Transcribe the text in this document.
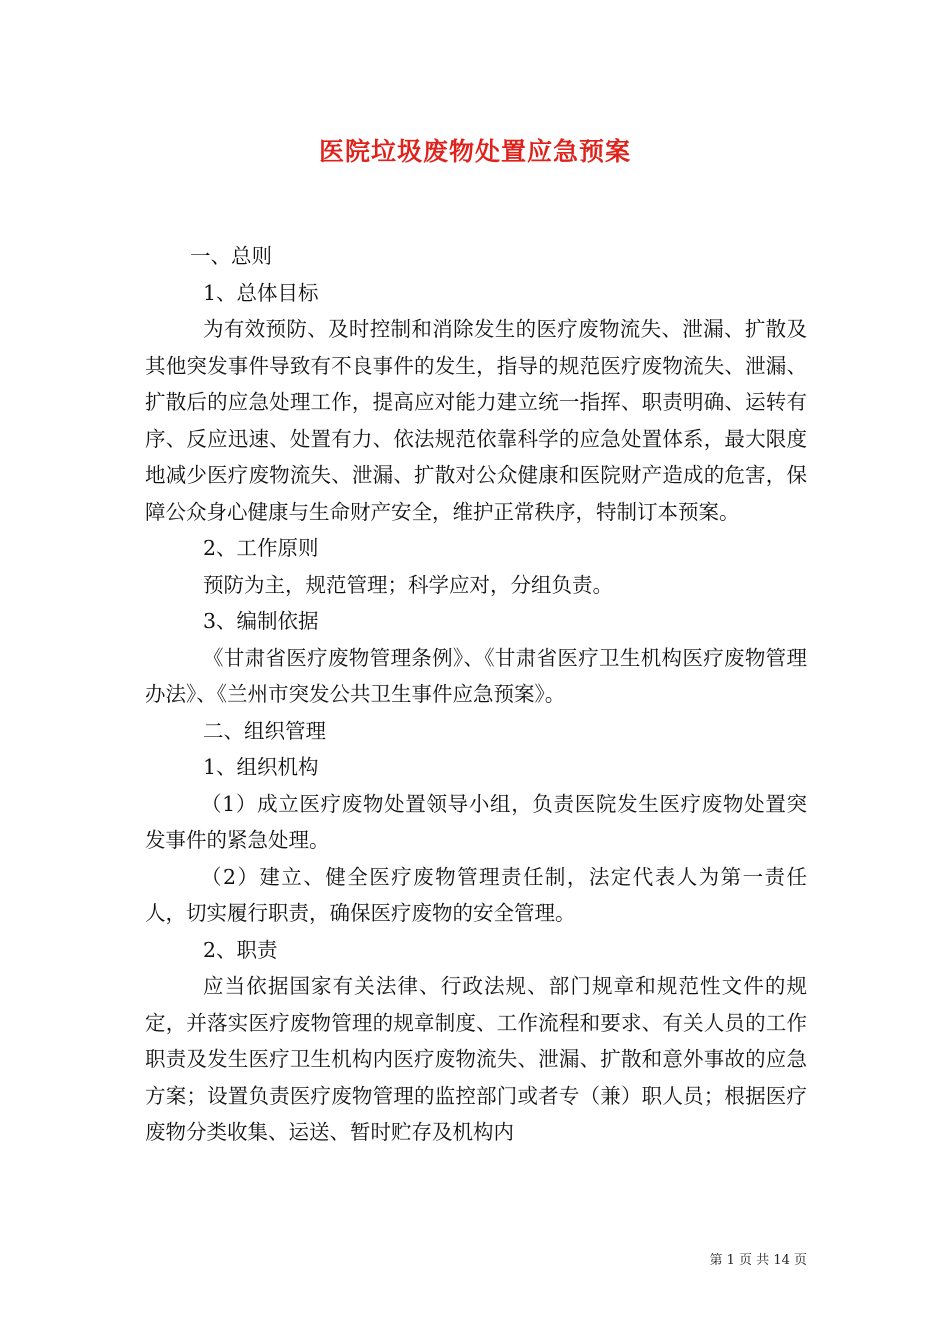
医院垃圾废物处置应急预案

一、总则

1、总体目标

为有效预防、及时控制和消除发生的医疗废物流失、泄漏、扩散及其他突发事件导致有不良事件的发生，指导的规范医疗废物流失、泄漏、扩散后的应急处理工作，提高应对能力建立统一指挥、职责明确、运转有序、反应迅速、处置有力、依法规范依靠科学的应急处置体系，最大限度地减少医疗废物流失、泄漏、扩散对公众健康和医院财产造成的危害，保障公众身心健康与生命财产安全，维护正常秩序，特制订本预案。

2、工作原则

预防为主，规范管理；科学应对，分组负责。

3、编制依据

《甘肃省医疗废物管理条例》、《甘肃省医疗卫生机构医疗废物管理办法》、《兰州市突发公共卫生事件应急预案》。

二、组织管理

1、组织机构

（1）成立医疗废物处置领导小组，负责医院发生医疗废物处置突发事件的紧急处理。

（2）建立、健全医疗废物管理责任制，法定代表人为第一责任人，切实履行职责，确保医疗废物的安全管理。

2、职责

应当依据国家有关法律、行政法规、部门规章和规范性文件的规定，并落实医疗废物管理的规章制度、工作流程和要求、有关人员的工作职责及发生医疗卫生机构内医疗废物流失、泄漏、扩散和意外事故的应急方案；设置负责医疗废物管理的监控部门或者专（兼）职人员；根据医疗废物分类收集、运送、暂时贮存及机构内

第 1 页 共 14 页
